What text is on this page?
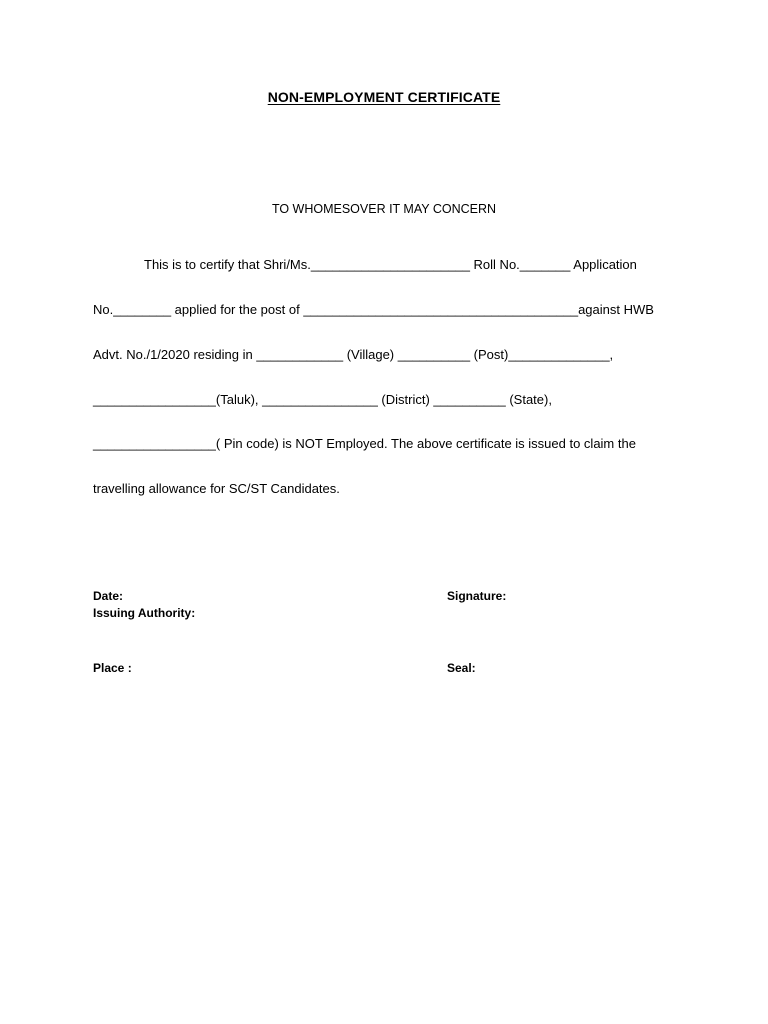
NON-EMPLOYMENT CERTIFICATE
TO WHOMESOVER IT MAY CONCERN
This is to certify that Shri/Ms.______________________ Roll No._______ Application
No.________ applied for the post of ______________________________________against HWB
Advt. No./1/2020 residing in ____________ (Village) __________ (Post)______________,
_________________(Taluk), ________________ (District) __________ (State),
_________________( Pin code) is NOT Employed. The above certificate is issued to claim the
travelling allowance for SC/ST Candidates.
Date:
Issuing Authority:
Place :
Signature:
Seal:
